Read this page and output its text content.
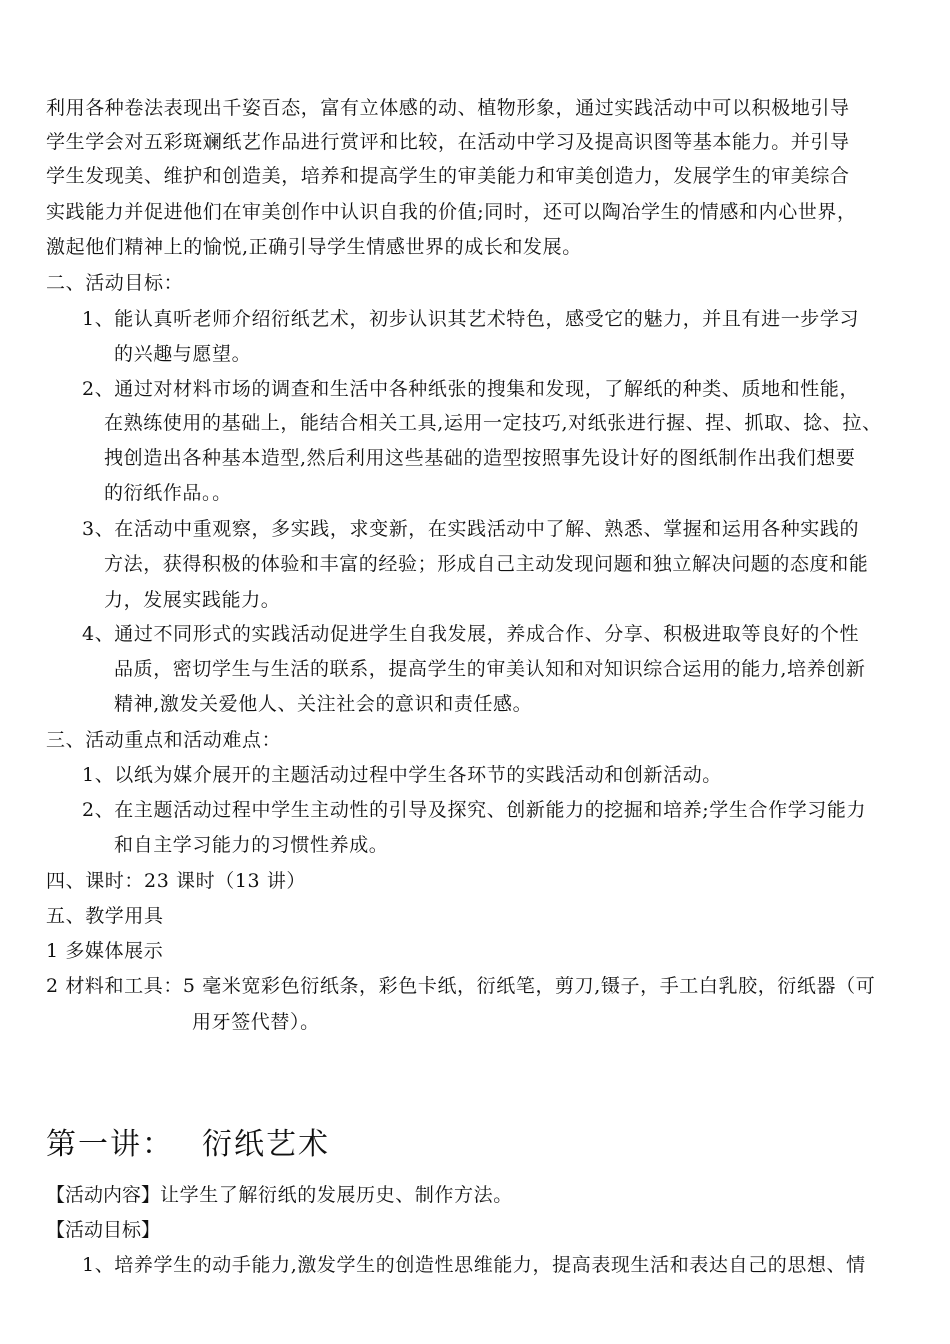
利用各种卷法表现出千姿百态，富有立体感的动、植物形象，通过实践活动中可以积极地引导
学生学会对五彩斑斓纸艺作品进行赏评和比较，在活动中学习及提高识图等基本能力。并引导
学生发现美、维护和创造美，培养和提高学生的审美能力和审美创造力，发展学生的审美综合
实践能力并促进他们在审美创作中认识自我的价值;同时，还可以陶冶学生的情感和内心世界，
激起他们精神上的愉悦,正确引导学生情感世界的成长和发展。
二、活动目标：
1、能认真听老师介绍衍纸艺术，初步认识其艺术特色，感受它的魅力，并且有进一步学习
的兴趣与愿望。
2、通过对材料市场的调查和生活中各种纸张的搜集和发现，了解纸的种类、质地和性能，
在熟练使用的基础上，能结合相关工具,运用一定技巧,对纸张进行握、捏、抓取、捻、拉、
拽创造出各种基本造型,然后利用这些基础的造型按照事先设计好的图纸制作出我们想要
的衍纸作品。。
3、在活动中重观察，多实践，求变新，在实践活动中了解、熟悉、掌握和运用各种实践的
方法，获得积极的体验和丰富的经验；形成自己主动发现问题和独立解决问题的态度和能
力，发展实践能力。
4、通过不同形式的实践活动促进学生自我发展，养成合作、分享、积极进取等良好的个性
品质，密切学生与生活的联系，提高学生的审美认知和对知识综合运用的能力,培养创新
精神,激发关爱他人、关注社会的意识和责任感。
三、活动重点和活动难点：
1、以纸为媒介展开的主题活动过程中学生各环节的实践活动和创新活动。
2、在主题活动过程中学生主动性的引导及探究、创新能力的挖掘和培养;学生合作学习能力
和自主学习能力的习惯性养成。
四、课时：23 课时（13 讲）
五、教学用具
1 多媒体展示
2 材料和工具：5 毫米宽彩色衍纸条，彩色卡纸，衍纸笔，剪刀,镊子，手工白乳胶，衍纸器（可
用牙签代替）。
第一讲： 衍纸艺术
【活动内容】让学生了解衍纸的发展历史、制作方法。
【活动目标】
1、培养学生的动手能力,激发学生的创造性思维能力，提高表现生活和表达自己的思想、情
